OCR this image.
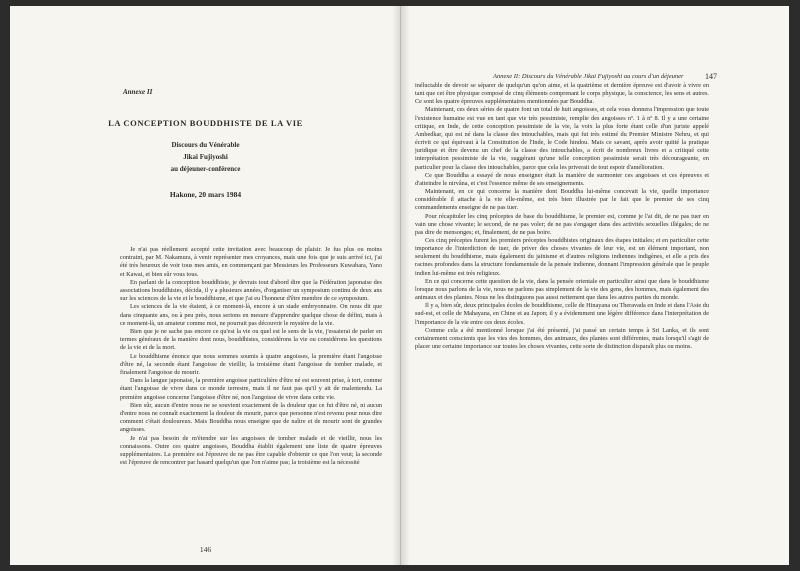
Annexe II
LA CONCEPTION BOUDDHISTE DE LA VIE
Discours du Vénérable
Jikai Fujiyoshi
au déjeuner-conférence
Hakone, 20 mars 1984

Je n'ai pas réellement accepté cette invitation avec beaucoup de plaisir. Je fus plus ou moins contraint, par M. Nakamura, à venir représenter mes croyances, mais une fois que je suis arrivé ici, j'ai été très heureux de voir tous mes amis, en commençant par Messieurs les Professeurs Kuwabara, Yano et Kawai, et bien sûr vous tous.

En parlant de la conception bouddhiste, je devrais tout d'abord dire que la Fédération japonaise des associations bouddhistes, décida, il y a plusieurs années, d'organiser un symposium continu de deux ans sur les sciences de la vie et le bouddhisme, et que j'ai eu l'honneur d'être membre de ce symposium.

Les sciences de la vie étaient, à ce moment-là, encore à un stade embryonnaire. On nous dit que dans cinquante ans, ou à peu près, nous serions en mesure d'apprendre quelque chose de défini, mais à ce moment-là, un amateur comme moi, ne pourrait pas découvrir le mystère de la vie.

Bien que je ne sache pas encore ce qu'est la vie ou quel est le sens de la vie, j'essaierai de parler en termes généraux de la manière dont nous, bouddhistes, considérons la vie ou considérons les questions de la vie et de la mort.

Le bouddhisme énonce que nous sommes soumis à quatre angoisses, la première étant l'angoisse d'être né, la seconde étant l'angoisse de vieillir, la troisième étant l'angoisse de tomber malade, et finalement l'angoisse de mourir.

Dans la langue japonaise, la première angoisse particulière d'être né est souvent prise, à tort, comme étant l'angoisse de vivre dans ce monde terrestre, mais il ne faut pas qu'il y ait de malentendu. La première angoisse concerne l'angoisse d'être né, non l'angoisse de vivre dans cette vie.

Bien sûr, aucun d'entre nous ne se souvient exactement de la douleur que ce fut d'être né, ni aucun d'entre nous ne connaît exactement la douleur de mourir, parce que personne n'est revenu pour nous dire comment c'était douloureux. Mais Bouddha nous enseigne que de naître et de mourir sont de grandes angoisses.

Je n'ai pas besoin de m'étendre sur les angoisses de tomber malade et de vieillir, nous les connaissons. Outre ces quatre angoisses, Bouddha établit également une liste de quatre épreuves supplémentaires. La première est l'épreuve de ne pas être capable d'obtenir ce que l'on veut; la seconde est l'épreuve de rencontrer par hasard quelqu'un que l'on n'aime pas; la troisième est la nécessité

146
Annexe II: Discours du Vénérable Jikai Fujiyoshi au cours d'un déjeuner	147

inéluctable de devoir se séparer de quelqu'un qu'on aime, et la quatrième et dernière épreuve est d'avoir à vivre en tant que cet être physique composé de cinq éléments comprenant le corps physique, la conscience, les sens et autres. Ce sont les quatre épreuves supplémentaires mentionnées par Bouddha.

Maintenant, ces deux séries de quatre font un total de huit angoisses, et cela vous donnera l'impression que toute l'existence humaine est vue en tant que vie très pessimiste, remplie des angoisses nº. 1 à nº 8. Il y a une certaine critique, en Inde, de cette conception pessimiste de la vie, la voix la plus forte étant celle d'un juriste appelé Ambedkar, qui est né dans la classe des intouchables, mais qui fut très estimé du Premier Ministre Nehru, et qui écrivit ce qui équivaut à la Constitution de l'Inde, le Code hindou. Mais ce savant, après avoir quitté la pratique juridique et être devenu un chef de la classe des intouchables, a écrit de nombreux livres et a critiqué cette interprétation pessimiste de la vie, suggérant qu'une telle conception pessimiste serait très décourageante, en particulier pour la classe des intouchables, parce que cela les priverait de tout espoir d'amélioration.

Ce que Bouddha a essayé de nous enseigner était la manière de surmonter ces angoisses et ces épreuves et d'atteindre le nirvâna, et c'est l'essence même de ses enseignements.

Maintenant, en ce qui concerne la manière dont Bouddha lui-même concevait la vie, quelle importance considérable il attache à la vie elle-même, est très bien illustrée par le fait que le premier de ses cinq commandements enseigne de ne pas tuer.

Pour récapituler les cinq préceptes de base du bouddhisme, le premier est, comme je l'ai dit, de ne pas tuer en vain une chose vivante; le second, de ne pas voler; de ne pas s'engager dans des activités sexuelles illégales; de ne pas dire de mensonges; et, finalement, de ne pas boire.

Ces cinq préceptes furent les premiers préceptes bouddhistes originaux des étapes initiales; et en particulier cette importance de l'interdiction de tuer, de priver des choses vivantes de leur vie, est un élément important, non seulement du bouddhisme, mais également du jaïnisme et d'autres religions indiennes indigènes, et elle a pris des racines profondes dans la structure fondamentale de la pensée indienne, donnant l'impression générale que le peuple indien lui-même est très religieux.

En ce qui concerne cette question de la vie, dans la pensée orientale en particulier ainsi que dans le bouddhisme lorsque nous parlons de la vie, nous ne parlons pas simplement de la vie des gens, des hommes, mais également des animaux et des plantes. Nous ne les distinguons pas aussi nettement que dans les autres parties du monde.

Il y a, bien sûr, deux principales écoles de bouddhisme, celle de Hinayana ou Theravada en Inde et dans l'Asie du sud-est, et celle de Mahayana, en Chine et au Japon; il y a évidemment une légère différence dans l'interprétation de l'importance de la vie entre ces deux écoles.

Comme cela a été mentionné lorsque j'ai été présenté, j'ai passé un certain temps à Sri Lanka, et ils sont certainement conscients que les vies des hommes, des animaux, des plantes sont différentes, mais lorsqu'il s'agit de placer une certaine importance sur toutes les choses vivantes, cette sorte de distinction disparaît plus ou moins.
